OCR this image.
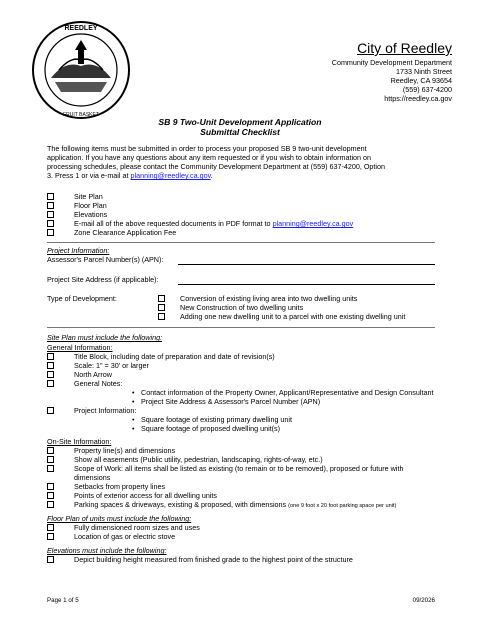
REEDLEY
FRUIT BASKET
City of Reedley
Community Development Department
1733 Ninth Street
Reedley, CA 93654
(559) 637-4200
https://reedley.ca.gov
SB 9 Two-Unit Development Application
Submittal Checklist
The following items must be submitted in order to process your proposed SB 9 two-unit development
application. If you have any questions about any item requested or if you wish to obtain information on
processing schedules, please contact the Community Development Department at (559) 637-4200, Option
3. Press 1 or via e-mail at planning@reedley.ca.gov.
Site Plan
Floor Plan
Elevations
E-mail all of the above requested documents in PDF format to planning@reedley.ca.gov
Zone Clearance Application Fee
Project Information:
Assessor's Parcel Number(s) (APN):
Project Site Address (if applicable):
Type of Development:	Conversion of existing living area into two dwelling units
New Construction of two dwelling units
Adding one new dwelling unit to a parcel with one existing dwelling unit
Site Plan must include the following:
General Information:
Title Block, including date of preparation and date of revision(s)
Scale: 1" = 30' or larger
North Arrow
General Notes:
• Contact information of the Property Owner, Applicant/Representative and Design Consultant
• Project Site Address & Assessor's Parcel Number (APN)
Project Information:
• Square footage of existing primary dwelling unit
• Square footage of proposed dwelling unit(s)
On-Site Information:
Property line(s) and dimensions
Show all easements (Public utility, pedestrian, landscaping, rights-of-way, etc.)
Scope of Work: all items shall be listed as existing (to remain or to be removed), proposed or future with
dimensions
Setbacks from property lines
Points of exterior access for all dwelling units
Parking spaces & driveways, existing & proposed, with dimensions (one 9 foot x 20 foot parking space per unit)
Floor Plan of units must include the following:
Fully dimensioned room sizes and uses
Location of gas or electric stove
Elevations must include the following:
Depict building height measured from finished grade to the highest point of the structure
Page 1 of 5	09/2026
